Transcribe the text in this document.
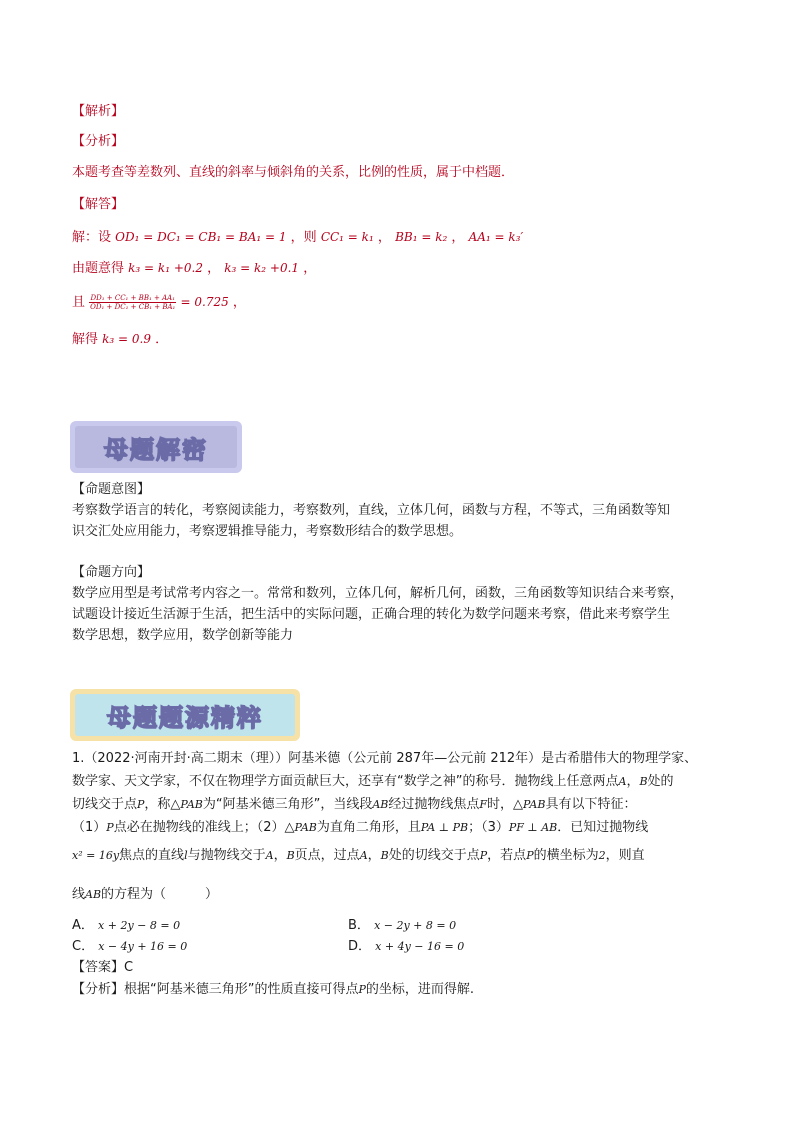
【解析】
【分析】
本题考查等差数列、直线的斜率与倾斜角的关系，比例的性质，属于中档题．
【解答】
解：设 OD₁ = DC₁ = CB₁ = BA₁ = 1 ，则 CC₁ = k₁ ， BB₁ = k₂ ， AA₁ = k₃′
由题意得 k₃ = k₁ +0.2 ， k₃ = k₂ +0.1 ，
且 $\frac{\text{DD₁ + CC₁ + BB₁ + AA₁}}{\text{OD₁ + DC₁ + CB₁ + BA₁}} = 0.725$ ，
解得 k₃ = 0.9 ．
母题解密
【命题意图】
考察数学语言的转化，考察阅读能力，考察数列，直线，立体几何，函数与方程，不等式，三角函数等知
识交汇处应用能力，考察逻辑推导能力，考察数形结合的数学思想。
【命题方向】
数学应用型是考试常考内容之一。常常和数列，立体几何，解析几何，函数，三角函数等知识结合来考察，
试题设计接近生活源于生活，把生活中的实际问题，正确合理的转化为数学问题来考察，借此来考察学生
数学思想，数学应用，数学创新等能力
母题题源精粹
1.（2022·河南开封·高二期末（理））阿基米德（公元前 287年—公元前 212年）是古希腊伟大的物理学家、
数学家、天文学家，不仅在物理学方面贡献巨大，还享有“数学之神”的称号．抛物线上任意两点A，B处的
切线交于点P，称△PAB为“阿基米德三角形”，当线段AB经过抛物线焦点F时，△PAB具有以下特征：
（1）P点必在抛物线的准线上；（2）△PAB为直角二角形，且PA ⊥ PB；（3）PF ⊥ AB．已知过抛物线
x² = 16y焦点的直线l与抛物线交于A，B页点，过点A，B处的切线交于点P，若点P的横坐标为2，则直
线AB的方程为（　　　）
A． x + 2y − 8 = 0	B． x − 2y + 8 = 0
C． x − 4y + 16 = 0	D． x + 4y − 16 = 0
【答案】C
【分析】根据“阿基米德三角形”的性质直接可得点P的坐标，进而得解.
